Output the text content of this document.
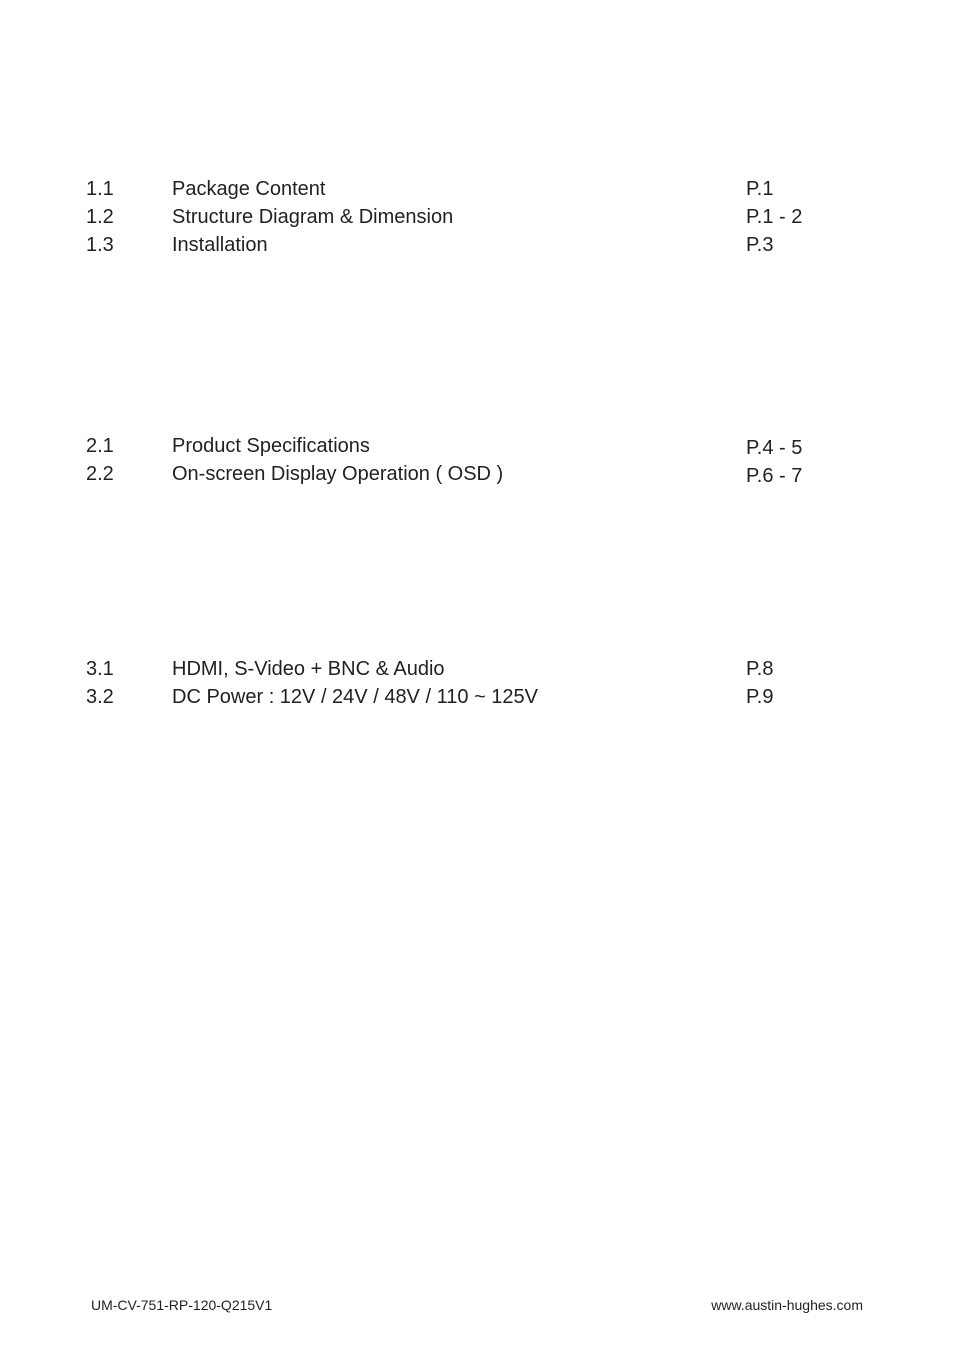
1.1	Package Content	P.1
1.2	Structure Diagram & Dimension	P.1 - 2
1.3	Installation	P.3
2.1	Product Specifications	P.4 - 5
2.2	On-screen Display Operation ( OSD )	P.6 - 7
3.1	HDMI, S-Video + BNC & Audio	P.8
3.2	DC Power : 12V / 24V / 48V / 110 ~ 125V	P.9
UM-CV-751-RP-120-Q215V1	www.austin-hughes.com
